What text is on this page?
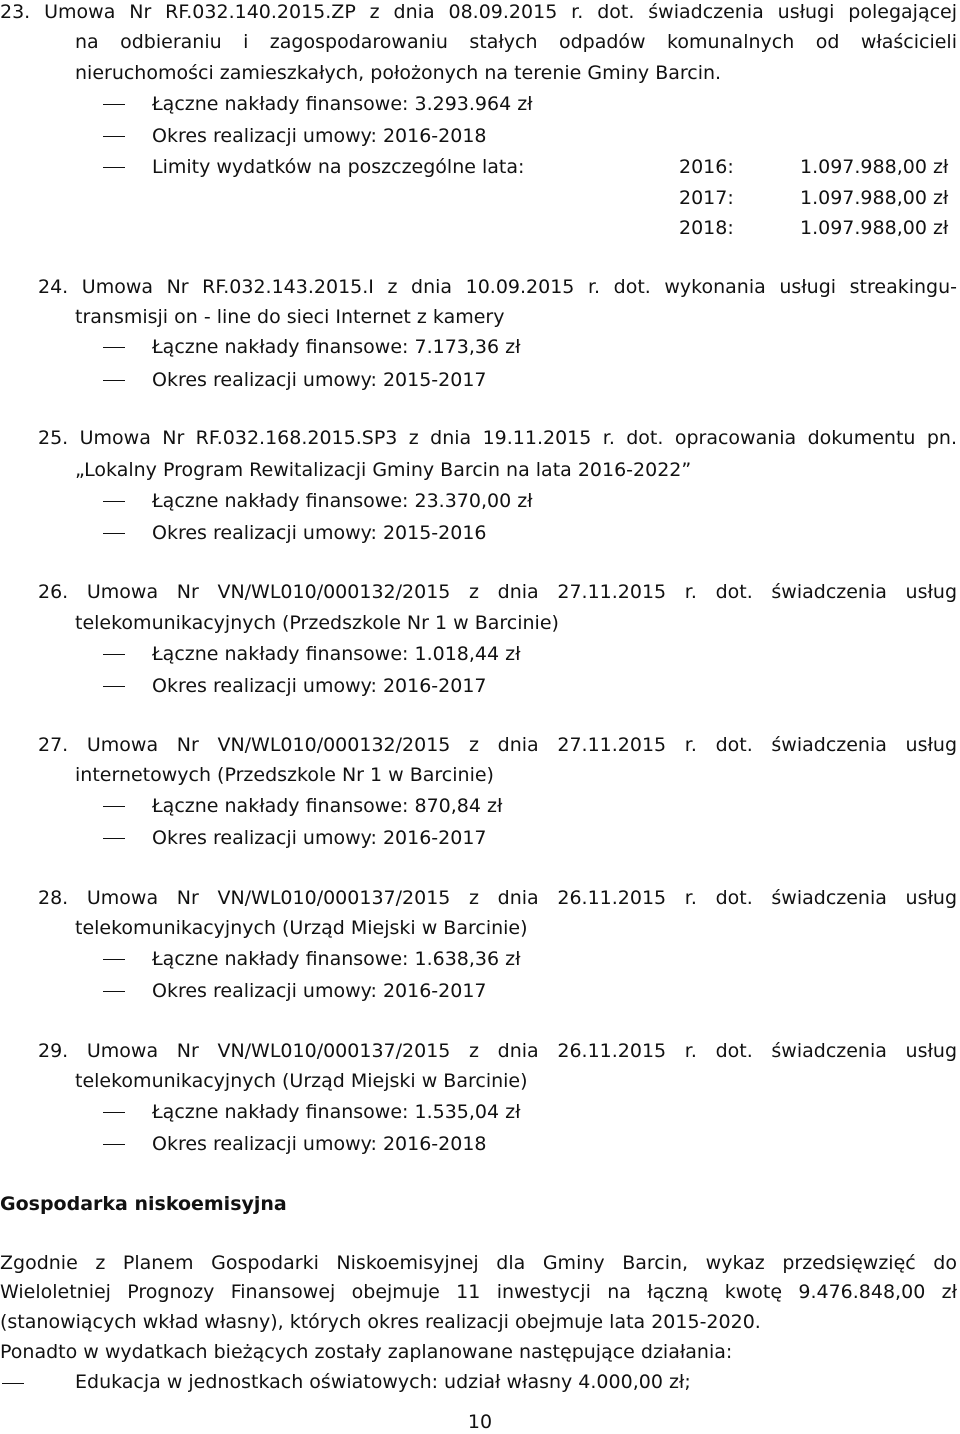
23. Umowa Nr RF.032.140.2015.ZP z dnia 08.09.2015 r. dot. świadczenia usługi polegającej
na odbieraniu i zagospodarowaniu stałych odpadów komunalnych od właścicieli
nieruchomości zamieszkałych, położonych na terenie Gminy Barcin.
Łączne nakłady finansowe: 3.293.964 zł
Okres realizacji umowy: 2016-2018
Limity wydatków na poszczególne lata:	2016:	1.097.988,00 zł
2017:	1.097.988,00 zł
2018:	1.097.988,00 zł
24. Umowa Nr RF.032.143.2015.I z dnia 10.09.2015 r. dot. wykonania usługi streakingu-
transmisji on - line do sieci Internet z kamery
Łączne nakłady finansowe: 7.173,36 zł
Okres realizacji umowy: 2015-2017
25. Umowa Nr RF.032.168.2015.SP3 z dnia 19.11.2015 r. dot. opracowania dokumentu pn.
„Lokalny Program Rewitalizacji Gminy Barcin na lata 2016-2022”
Łączne nakłady finansowe: 23.370,00 zł
Okres realizacji umowy: 2015-2016
26. Umowa Nr VN/WL010/000132/2015 z dnia 27.11.2015 r. dot. świadczenia usług
telekomunikacyjnych (Przedszkole Nr 1 w Barcinie)
Łączne nakłady finansowe: 1.018,44 zł
Okres realizacji umowy: 2016-2017
27. Umowa Nr VN/WL010/000132/2015 z dnia 27.11.2015 r. dot. świadczenia usług
internetowych (Przedszkole Nr 1 w Barcinie)
Łączne nakłady finansowe: 870,84 zł
Okres realizacji umowy: 2016-2017
28. Umowa Nr VN/WL010/000137/2015 z dnia 26.11.2015 r. dot. świadczenia usług
telekomunikacyjnych (Urząd Miejski w Barcinie)
Łączne nakłady finansowe: 1.638,36 zł
Okres realizacji umowy: 2016-2017
29. Umowa Nr VN/WL010/000137/2015 z dnia 26.11.2015 r. dot. świadczenia usług
telekomunikacyjnych (Urząd Miejski w Barcinie)
Łączne nakłady finansowe: 1.535,04 zł
Okres realizacji umowy: 2016-2018
Gospodarka niskoemisyjna
Zgodnie z Planem Gospodarki Niskoemisyjnej dla Gminy Barcin, wykaz przedsięwzięć do
Wieloletniej Prognozy Finansowej obejmuje 11 inwestycji na łączną kwotę 9.476.848,00 zł
(stanowiących wkład własny), których okres realizacji obejmuje lata 2015-2020.
Ponadto w wydatkach bieżących zostały zaplanowane następujące działania:
Edukacja w jednostkach oświatowych: udział własny 4.000,00 zł;
10
